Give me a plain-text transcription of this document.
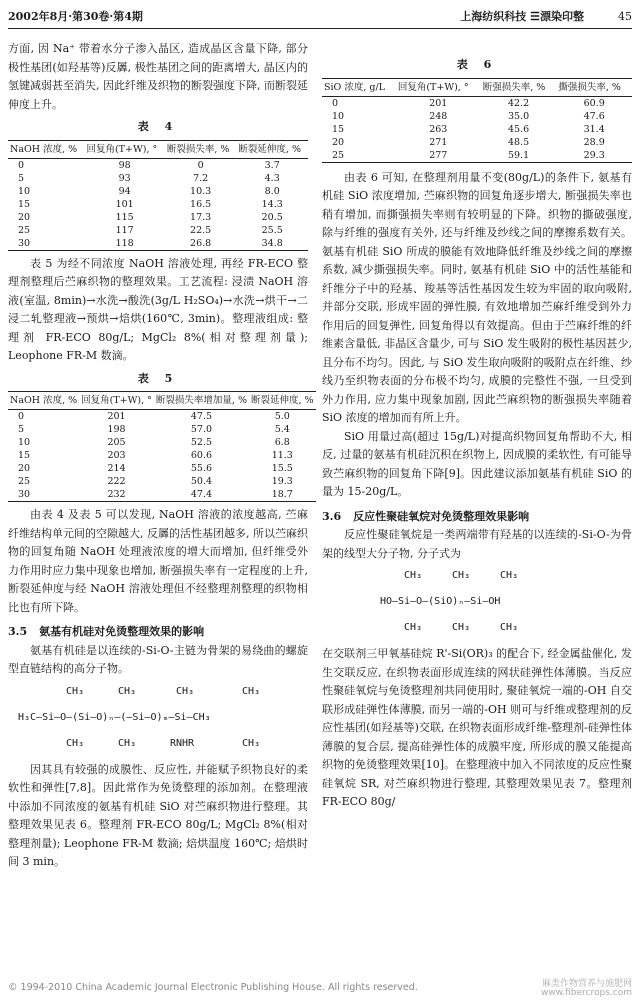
2002年8月·第30卷·第4期	上海纺织科技 ☰漂染印整	45

方面, 因 Na⁺ 带着水分子渗入晶区, 造成晶区含量下降, 部分极性基团(如羟基等)反羼, 极性基团之间的距离增大, 晶区内的氢键减弱甚至消失, 因此纤维及织物的断裂强度下降, 而断裂延伸度上升。

表 4
NaOH 浓度, %	回复角(T+W), °	断裂损失率, %	断裂延伸度, %
0	98	0	3.7
5	93	7.2	4.3
10	94	10.3	8.0
15	101	16.5	14.3
20	115	17.3	20.5
25	117	22.5	25.5
30	118	26.8	34.8

表 5 为经不同浓度 NaOH 溶液处理, 再经 FR-ECO 整理剂整理后苎麻织物的整理效果。工艺流程: 浸渍 NaOH 溶液(室温, 8min)→水洗→酸洗(3g/L H₂SO₄)→水洗→烘干→二浸二轧整理液→预烘→焙烘(160℃, 3min)。整理液组成: 整理剂 FR-ECO 80g/L; MgCl₂ 8%(相对整理剂量); Leophone FR-M 数滴。

表 5
NaOH 浓度, %	回复角(T+W), °	断裂损失率增加量, %	断裂延伸度, %
0	201	47.5	5.0
5	198	57.0	5.4
10	205	52.5	6.8
15	203	60.6	11.3
20	214	55.6	15.5
25	222	50.4	19.3
30	232	47.4	18.7

由表 4 及表 5 可以发现, NaOH 溶液的浓度越高, 苎麻纤维结构单元间的空隙越大, 反羼的活性基团越多, 所以苎麻织物的回复角随 NaOH 处理液浓度的增大而增加, 但纤维受外力作用时应力集中现象也增加, 断强损失率有一定程度的上升, 断裂延伸度与经 NaOH 溶液处理但不经整理剂整理的织物相比也有所下降。

3.5 氨基有机硅对免烫整理效果的影响

氨基有机硅是以连续的-Si-O-主链为骨架的易绕曲的螺旋型直链结构的高分子物。

CH₃	CH₃	CH₃	CH₃
H₃C—Si—O—(Si—O)ₙ—(—Si—O)ₘ—Si—CH₃
CH₃	CH₃	RNHR	CH₃

因其具有较强的成膜性、反应性, 并能赋予织物良好的柔软性和弹性[7,8]。因此常作为免烫整理的添加剂。在整理液中添加不同浓度的氨基有机硅 SiO 对苎麻织物进行整理。其整理效果见表 6。整理剂 FR-ECO 80g/L; MgCl₂ 8%(相对整理剂量); Leophone FR-M 数滴; 焙烘温度 160℃; 焙烘时间 3 min。

表 6
SiO 浓度, g/L	回复角(T+W), °	断强损失率, %	撕强损失率, %
0	201	42.2	60.9
10	248	35.0	47.6
15	263	45.6	31.4
20	271	48.5	28.9
25	277	59.1	29.3

由表 6 可知, 在整理剂用量不变(80g/L)的条件下, 氨基有机硅 SiO 浓度增加, 苎麻织物的回复角逐步增大, 断强损失率也稍有增加, 而撕强损失率则有较明显的下降。织物的撕破强度, 除与纤维的强度有关外, 还与纤维及纱线之间的摩擦系数有关。氨基有机硅 SiO 所成的膜能有效地降低纤维及纱线之间的摩擦系数, 减少撕强损失率。同时, 氨基有机硅 SiO 中的活性基能和纤维分子中的羟基、羧基等活性基因发生较为牢固的取向吸附, 并部分交联, 形成牢固的弹性膜, 有效地增加苎麻纤维受到外力作用后的回复弹性, 回复角得以有效提高。但由于苎麻纤维的纤维素含量低, 非晶区含量少, 可与 SiO 发生吸附的极性基因甚少, 且分布不均匀。因此, 与 SiO 发生取向吸附的吸附点在纤维、纱线乃至织物表面的分布极不均匀, 成膜的完整性不强, 一旦受到外力作用, 应力集中现象加剧, 因此苎麻织物的断强损失率随着 SiO 浓度的增加而有所上升。

SiO 用量过高(超过 15g/L)对提高织物回复角帮助不大, 相反, 过量的氨基有机硅沉积在织物上, 因成膜的柔软性, 有可能导致苎麻织物的回复角下降[9]。因此建议添加氨基有机硅 SiO 的量为 15-20g/L。

3.6 反应性聚硅氧烷对免烫整理效果影响

反应性聚硅氧烷是一类两端带有羟基的以连续的-Si-O-为骨架的线型大分子物, 分子式为

CH₃	CH₃	CH₃
HO—Si—O—(SiO)ₙ—Si—OH
CH₃	CH₃	CH₃

在交联剂三甲氧基硅烷 R'-Si(OR)₃ 的配合下, 经金属盐催化, 发生交联反应, 在织物表面形成连续的网状硅弹性体薄膜。当反应性聚硅氧烷与免烫整理剂共同使用时, 聚硅氧烷一端的-OH 自交联形成硅弹性体薄膜, 而另一端的-OH 则可与纤维或整理剂的反应性基团(如羟基等)交联, 在织物表面形成纤维-整理剂-硅弹性体薄膜的复合层, 提高硅弹性体的成膜牢度, 所形成的膜又能提高织物的免烫整理效果[10]。在整理液中加入不同浓度的反应性聚硅氧烷 SR, 对苎麻织物进行整理, 其整理效果见表 7。整理剂 FR-ECO 80g/

© 1994-2010 China Academic Journal Electronic Publishing House. All rights reserved.	麻类作物营养与施肥网
www.fibercrops.com
